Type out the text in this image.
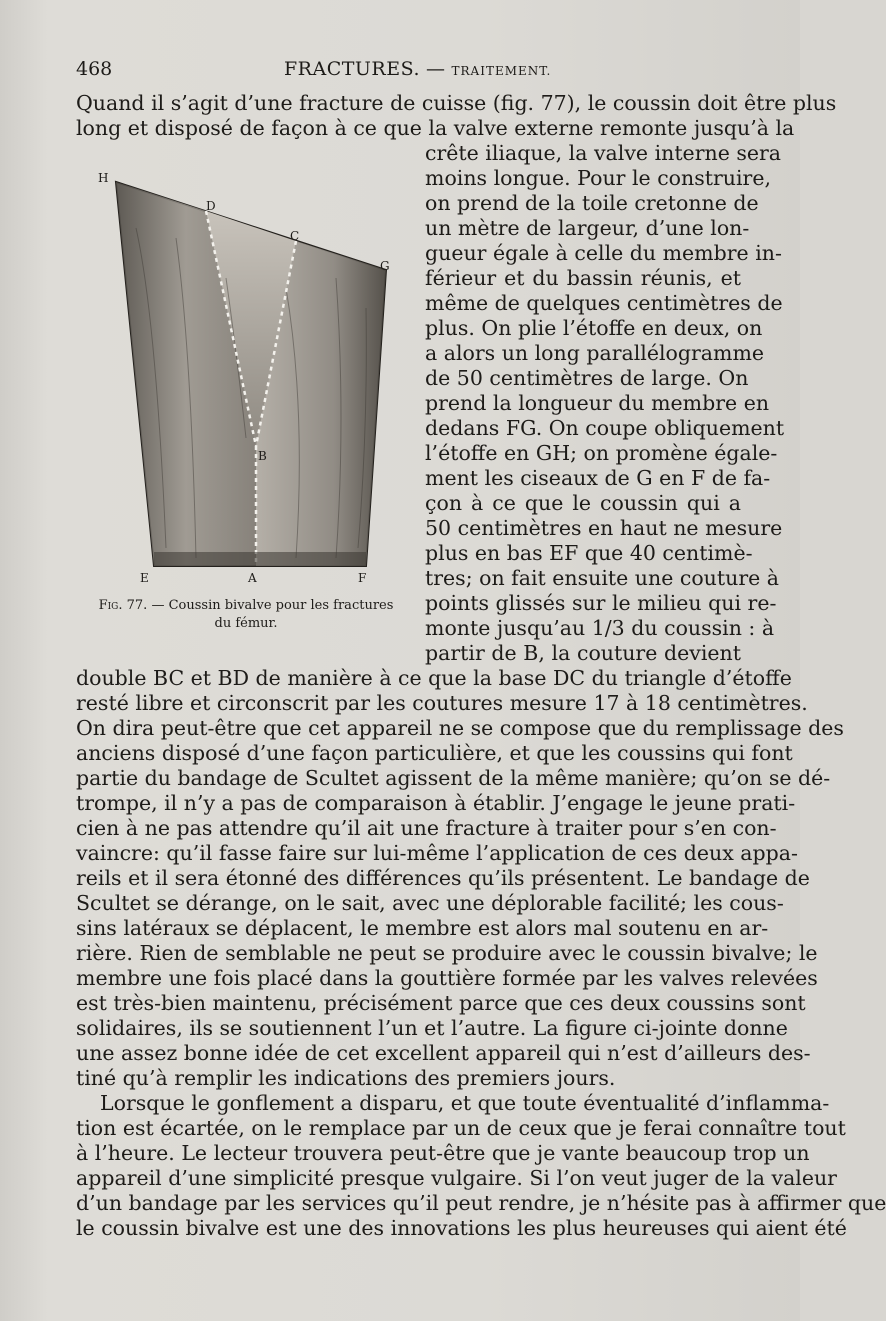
468	FRACTURES. — TRAITEMENT.
H
D
C
G
B
E	A	F
Fig. 77. — Coussin bivalve pour les fractures
du fémur.
Quand il s’agit d’une fracture de cuisse (fig. 77), le coussin doit être plus
long et disposé de façon à ce que la valve externe remonte jusqu’à la
crête iliaque, la valve interne sera
moins longue. Pour le construire,
on prend de la toile cretonne de
un mètre de largeur, d’une lon-
gueur égale à celle du membre in-
férieur et du bassin réunis, et
même de quelques centimètres de
plus. On plie l’étoffe en deux, on
a alors un long parallélogramme
de 50 centimètres de large. On
prend la longueur du membre en
dedans FG. On coupe obliquement
l’étoffe en GH; on promène égale-
ment les ciseaux de G en F de fa-
çon à ce que le coussin qui a
50 centimètres en haut ne mesure
plus en bas EF que 40 centimè-
tres; on fait ensuite une couture à
points glissés sur le milieu qui re-
monte jusqu’au 1/3 du coussin : à
partir de B, la couture devient
double BC et BD de manière à ce que la base DC du triangle d’étoffe
resté libre et circonscrit par les coutures mesure 17 à 18 centimètres.
On dira peut-être que cet appareil ne se compose que du remplissage des
anciens disposé d’une façon particulière, et que les coussins qui font
partie du bandage de Scultet agissent de la même manière; qu’on se dé-
trompe, il n’y a pas de comparaison à établir. J’engage le jeune prati-
cien à ne pas attendre qu’il ait une fracture à traiter pour s’en con-
vaincre: qu’il fasse faire sur lui-même l’application de ces deux appa-
reils et il sera étonné des différences qu’ils présentent. Le bandage de
Scultet se dérange, on le sait, avec une déplorable facilité; les cous-
sins latéraux se déplacent, le membre est alors mal soutenu en ar-
rière. Rien de semblable ne peut se produire avec le coussin bivalve; le
membre une fois placé dans la gouttière formée par les valves relevées
est très-bien maintenu, précisément parce que ces deux coussins sont
solidaires, ils se soutiennent l’un et l’autre. La figure ci-jointe donne
une assez bonne idée de cet excellent appareil qui n’est d’ailleurs des-
tiné qu’à remplir les indications des premiers jours.
Lorsque le gonflement a disparu, et que toute éventualité d’inflamma-
tion est écartée, on le remplace par un de ceux que je ferai connaître tout
à l’heure. Le lecteur trouvera peut-être que je vante beaucoup trop un
appareil d’une simplicité presque vulgaire. Si l’on veut juger de la valeur
d’un bandage par les services qu’il peut rendre, je n’hésite pas à affirmer que
le coussin bivalve est une des innovations les plus heureuses qui aient été
